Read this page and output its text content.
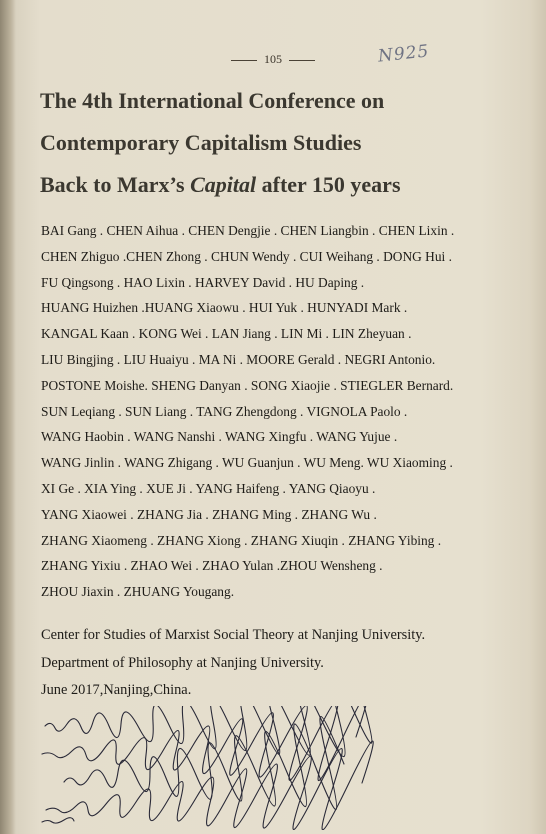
105	N925
The 4th International Conference on
Contemporary Capitalism Studies
Back to Marx’s Capital after 150 years
BAI Gang . CHEN Aihua . CHEN Dengjie . CHEN Liangbin . CHEN Lixin .
CHEN Zhiguo .CHEN Zhong . CHUN Wendy . CUI Weihang . DONG Hui .
FU Qingsong . HAO Lixin . HARVEY David . HU Daping .
HUANG Huizhen .HUANG Xiaowu . HUI Yuk . HUNYADI Mark .
KANGAL Kaan . KONG Wei . LAN Jiang . LIN Mi . LIN Zheyuan .
LIU Bingjing . LIU Huaiyu . MA Ni . MOORE Gerald . NEGRI Antonio.
POSTONE Moishe. SHENG Danyan . SONG Xiaojie . STIEGLER Bernard.
SUN Leqiang . SUN Liang . TANG Zhengdong . VIGNOLA Paolo .
WANG Haobin . WANG Nanshi . WANG Xingfu . WANG Yujue .
WANG Jinlin . WANG Zhigang . WU Guanjun . WU Meng. WU Xiaoming .
XI Ge . XIA Ying . XUE Ji . YANG Haifeng . YANG Qiaoyu .
YANG Xiaowei . ZHANG Jia . ZHANG Ming . ZHANG Wu .
ZHANG Xiaomeng . ZHANG Xiong . ZHANG Xiuqin . ZHANG Yibing .
ZHANG Yixiu . ZHAO Wei . ZHAO Yulan .ZHOU Wensheng .
ZHOU Jiaxin . ZHUANG Yougang.
Center for Studies of Marxist Social Theory at Nanjing University.
Department of Philosophy at Nanjing University.
June 2017,Nanjing,China.
